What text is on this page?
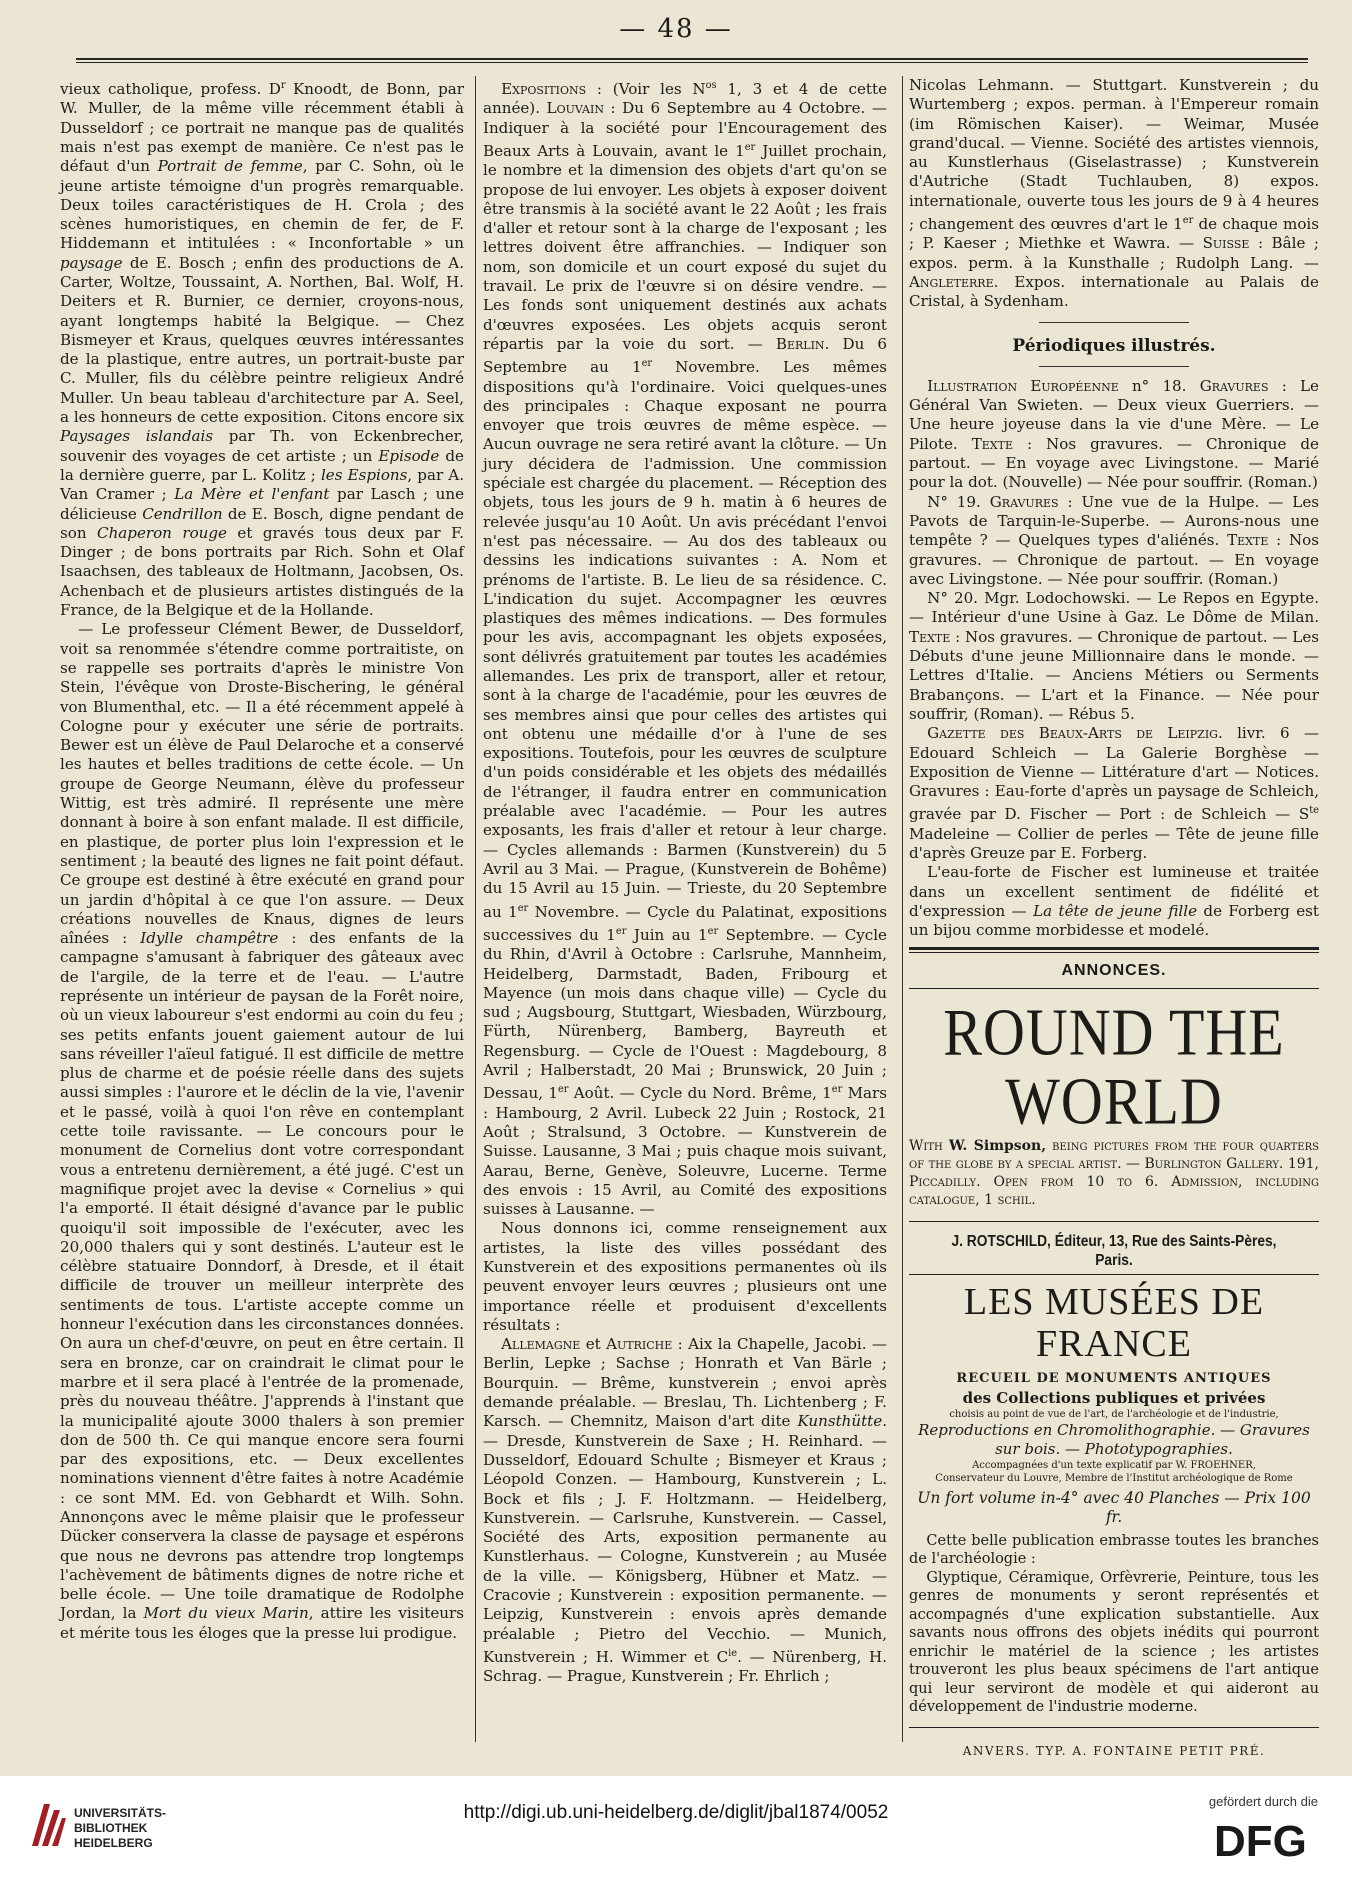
— 48 —

vieux catholique, profess. $D^r$ Knoodt, de Bonn, par W. Muller, de la même ville récemment établi à Dusseldorf ; ce portrait ne manque pas de qualités mais n'est pas exempt de manière. Ce n'est pas le défaut d'un Portrait de femme, par C. Sohn, où le jeune artiste témoigne d'un progrès remarquable. Deux toiles caractéristiques de H. Crola ; des scènes humoristiques, en chemin de fer, de F. Hiddemann et intitulées : « Inconfortable » un paysage de E. Bosch ; enfin des productions de A. Carter, Woltze, Toussaint, A. Northen, Bal. Wolf, H. Deiters et R. Burnier, ce dernier, croyons-nous, ayant longtemps habité la Belgique. — Chez Bismeyer et Kraus, quelques œuvres intéressantes de la plastique, entre autres, un portrait-buste par C. Muller, fils du célèbre peintre religieux André Muller. Un beau tableau d'architecture par A. Seel, a les honneurs de cette exposition. Citons encore six Paysages islandais par Th. von Eckenbrecher, souvenir des voyages de cet artiste ; un Episode de la dernière guerre, par L. Kolitz ; les Espions, par A. Van Cramer ; La Mère et l'enfant par Lasch ; une délicieuse Cendrillon de E. Bosch, digne pendant de son Chaperon rouge et gravés tous deux par F. Dinger ; de bons portraits par Rich. Sohn et Olaf Isaachsen, des tableaux de Holtmann, Jacobsen, Os. Achenbach et de plusieurs artistes distingués de la France, de la Belgique et de la Hollande.

— Le professeur Clément Bewer, de Dusseldorf, voit sa renommée s'étendre comme portraitiste, on se rappelle ses portraits d'après le ministre Von Stein, l'évêque von Droste-Bischering, le général von Blumenthal, etc. — Il a été récemment appelé à Cologne pour y exécuter une série de portraits. Bewer est un élève de Paul Delaroche et a conservé les hautes et belles traditions de cette école. — Un groupe de George Neumann, élève du professeur Wittig, est très admiré. Il représente une mère donnant à boire à son enfant malade. Il est difficile, en plastique, de porter plus loin l'expression et le sentiment ; la beauté des lignes ne fait point défaut. Ce groupe est destiné à être exécuté en grand pour un jardin d'hôpital à ce que l'on assure. — Deux créations nouvelles de Knaus, dignes de leurs aînées : Idylle champêtre : des enfants de la campagne s'amusant à fabriquer des gâteaux avec de l'argile, de la terre et de l'eau. — L'autre représente un intérieur de paysan de la Forêt noire, où un vieux laboureur s'est endormi au coin du feu ; ses petits enfants jouent gaiement autour de lui sans réveiller l'aïeul fatigué. Il est difficile de mettre plus de charme et de poésie réelle dans des sujets aussi simples : l'aurore et le déclin de la vie, l'avenir et le passé, voilà à quoi l'on rêve en contemplant cette toile ravissante. — Le concours pour le monument de Cornelius dont votre correspondant vous a entretenu dernièrement, a été jugé. C'est un magnifique projet avec la devise « Cornelius » qui l'a emporté. Il était désigné d'avance par le public quoiqu'il soit impossible de l'exécuter, avec les 20,000 thalers qui y sont destinés. L'auteur est le célèbre statuaire Donndorf, à Dresde, et il était difficile de trouver un meilleur interprète des sentiments de tous. L'artiste accepte comme un honneur l'exécution dans les circonstances données. On aura un chef-d'œuvre, on peut en être certain. Il sera en bronze, car on craindrait le climat pour le marbre et il sera placé à l'entrée de la promenade, près du nouveau théâtre. J'apprends à l'instant que la municipalité ajoute 3000 thalers à son premier don de 500 th. Ce qui manque encore sera fourni par des expositions, etc. — Deux excellentes nominations viennent d'être faites à notre Académie : ce sont MM. Ed. von Gebhardt et Wilh. Sohn. Annonçons avec le même plaisir que le professeur Dücker conservera la classe de paysage et espérons que nous ne devrons pas attendre trop longtemps l'achèvement de bâtiments dignes de notre riche et belle école. — Une toile dramatique de Rodolphe Jordan, la Mort du vieux Marin, attire les visiteurs et mérite tous les éloges que la presse lui prodigue.

Expositions : (Voir les $N^{os}$ 1, 3 et 4 de cette année). Louvain : Du 6 Septembre au 4 Octobre. — Indiquer à la société pour l'Encouragement des Beaux Arts à Louvain, avant le 1er Juillet prochain, le nombre et la dimension des objets d'art qu'on se propose de lui envoyer. Les objets à exposer doivent être transmis à la société avant le 22 Août ; les frais d'aller et retour sont à la charge de l'exposant ; les lettres doivent être affranchies. — Indiquer son nom, son domicile et un court exposé du sujet du travail. Le prix de l'œuvre si on désire vendre. — Les fonds sont uniquement destinés aux achats d'œuvres exposées. Les objets acquis seront répartis par la voie du sort. — Berlin. Du 6 Septembre au 1er Novembre. Les mêmes dispositions qu'à l'ordinaire. Voici quelques-unes des principales : Chaque exposant ne pourra envoyer que trois œuvres de même espèce. — Aucun ouvrage ne sera retiré avant la clôture. — Un jury décidera de l'admission. Une commission spéciale est chargée du placement. — Réception des objets, tous les jours de 9 h. matin à 6 heures de relevée jusqu'au 10 Août. Un avis précédant l'envoi n'est pas nécessaire. — Au dos des tableaux ou dessins les indications suivantes : A. Nom et prénoms de l'artiste. B. Le lieu de sa résidence. C. L'indication du sujet. Accompagner les œuvres plastiques des mêmes indications. — Des formules pour les avis, accompagnant les objets exposées, sont délivrés gratuitement par toutes les académies allemandes. Les prix de transport, aller et retour, sont à la charge de l'académie, pour les œuvres de ses membres ainsi que pour celles des artistes qui ont obtenu une médaille d'or à l'une de ses expositions. Toutefois, pour les œuvres de sculpture d'un poids considérable et les objets des médaillés de l'étranger, il faudra entrer en communication préalable avec l'académie. — Pour les autres exposants, les frais d'aller et retour à leur charge. — Cycles allemands : Barmen (Kunstverein) du 5 Avril au 3 Mai. — Prague, (Kunstverein de Bohême) du 15 Avril au 15 Juin. — Trieste, du 20 Septembre au 1er Novembre. — Cycle du Palatinat, expositions successives du 1er Juin au 1er Septembre. — Cycle du Rhin, d'Avril à Octobre : Carlsruhe, Mannheim, Heidelberg, Darmstadt, Baden, Fribourg et Mayence (un mois dans chaque ville) — Cycle du sud ; Augsbourg, Stuttgart, Wiesbaden, Würzbourg, Fürth, Nürenberg, Bamberg, Bayreuth et Regensburg. — Cycle de l'Ouest : Magdebourg, 8 Avril ; Halberstadt, 20 Mai ; Brunswick, 20 Juin ; Dessau, 1er Août. — Cycle du Nord. Brême, 1er Mars : Hambourg, 2 Avril. Lubeck 22 Juin ; Rostock, 21 Août ; Stralsund, 3 Octobre. — Kunstverein de Suisse. Lausanne, 3 Mai ; puis chaque mois suivant, Aarau, Berne, Genève, Soleuvre, Lucerne. Terme des envois : 15 Avril, au Comité des expositions suisses à Lausanne. —

Nous donnons ici, comme renseignement aux artistes, la liste des villes possédant des Kunstverein et des expositions permanentes où ils peuvent envoyer leurs œuvres ; plusieurs ont une importance réelle et produisent d'excellents résultats :

Allemagne et Autriche : Aix la Chapelle, Jacobi. — Berlin, Lepke ; Sachse ; Honrath et Van Bärle ; Bourquin. — Brême, kunstverein ; envoi après demande préalable. — Breslau, Th. Lichtenberg ; F. Karsch. — Chemnitz, Maison d'art dite Kunsthütte. — Dresde, Kunstverein de Saxe ; H. Reinhard. — Dusseldorf, Edouard Schulte ; Bismeyer et Kraus ; Léopold Conzen. — Hambourg, Kunstverein ; L. Bock et fils ; J. F. Holtzmann. — Heidelberg, Kunstverein. — Carlsruhe, Kunstverein. — Cassel, Société des Arts, exposition permanente au Kunstlerhaus. — Cologne, Kunstverein ; au Musée de la ville. — Königsberg, Hübner et Matz. — Cracovie ; Kunstverein : exposition permanente. — Leipzig, Kunstverein : envois après demande préalable ; Pietro del Vecchio. — Munich, Kunstverein ; H. Wimmer et $C^{ie}$. — Nürenberg, H. Schrag. — Prague, Kunstverein ; Fr. Ehrlich ;

Nicolas Lehmann. — Stuttgart. Kunstverein ; du Wurtemberg ; expos. perman. à l'Empereur romain (im Römischen Kaiser). — Weimar, Musée grand'ducal. — Vienne. Société des artistes viennois, au Kunstlerhaus (Giselastrasse) ; Kunstverein d'Autriche (Stadt Tuchlauben, 8) expos. internationale, ouverte tous les jours de 9 à 4 heures ; changement des œuvres d'art le 1er de chaque mois ; P. Kaeser ; Miethke et Wawra. — Suisse : Bâle ; expos. perm. à la Kunsthalle ; Rudolph Lang. — Angleterre. Expos. internationale au Palais de Cristal, à Sydenham.

Périodiques illustrés.

Illustration Européenne n° 18. Gravures : Le Général Van Swieten. — Deux vieux Guerriers. — Une heure joyeuse dans la vie d'une Mère. — Le Pilote. Texte : Nos gravures. — Chronique de partout. — En voyage avec Livingstone. — Marié pour la dot. (Nouvelle) — Née pour souffrir. (Roman.)

N° 19. Gravures : Une vue de la Hulpe. — Les Pavots de Tarquin-le-Superbe. — Aurons-nous une tempête ? — Quelques types d'aliénés. Texte : Nos gravures. — Chronique de partout. — En voyage avec Livingstone. — Née pour souffrir. (Roman.)

N° 20. Mgr. Lodochowski. — Le Repos en Egypte. — Intérieur d'une Usine à Gaz. Le Dôme de Milan. Texte : Nos gravures. — Chronique de partout. — Les Débuts d'une jeune Millionnaire dans le monde. — Lettres d'Italie. — Anciens Métiers ou Serments Brabançons. — L'art et la Finance. — Née pour souffrir, (Roman). — Rébus 5.

Gazette des Beaux-Arts de Leipzig. livr. 6 — Edouard Schleich — La Galerie Borghèse — Exposition de Vienne — Littérature d'art — Notices. Gravures : Eau-forte d'après un paysage de Schleich, gravée par D. Fischer — Port : de Schleich — $S^{te}$ Madeleine — Collier de perles — Tête de jeune fille d'après Greuze par E. Forberg.

L'eau-forte de Fischer est lumineuse et traitée dans un excellent sentiment de fidélité et d'expression — La tête de jeune fille de Forberg est un bijou comme morbidesse et modelé.

ANNONCES.
ROUND THE WORLD
With W. Simpson, being pictures from the four quarters of the globe by a special artist. — Burlington Gallery. 191, Piccadilly. Open from 10 to 6. Admission, including catalogue, 1 schil.
J. ROTSCHILD, Éditeur, 13, Rue des Saints-Pères, Paris.
LES MUSÉES DE FRANCE
RECUEIL DE MONUMENTS ANTIQUES
des Collections publiques et privées
choisis au point de vue de l'art, de l'archéologie et de l'industrie,
Reproductions en Chromolithographie. — Gravures sur bois. — Phototypographies.
Accompagnées d'un texte explicatif par W. FROEHNER,
Conservateur du Louvre, Membre de l'Institut archéologique de Rome
Un fort volume in-4° avec 40 Planches — Prix 100 fr.

Cette belle publication embrasse toutes les branches de l'archéologie :

Glyptique, Céramique, Orfèvrerie, Peinture, tous les genres de monuments y seront représentés et accompagnés d'une explication substantielle. Aux savants nous offrons des objets inédits qui pourront enrichir le matériel de la science ; les artistes trouveront les plus beaux spécimens de l'art antique qui leur serviront de modèle et qui aideront au développement de l'industrie moderne.

ANVERS. TYP. A. FONTAINE PETIT PRÉ.
UNIVERSITÄTS-
BIBLIOTHEK
HEIDELBERG
http://digi.ub.uni-heidelberg.de/diglit/jbal1874/0052
gefördert durch die
DFG
